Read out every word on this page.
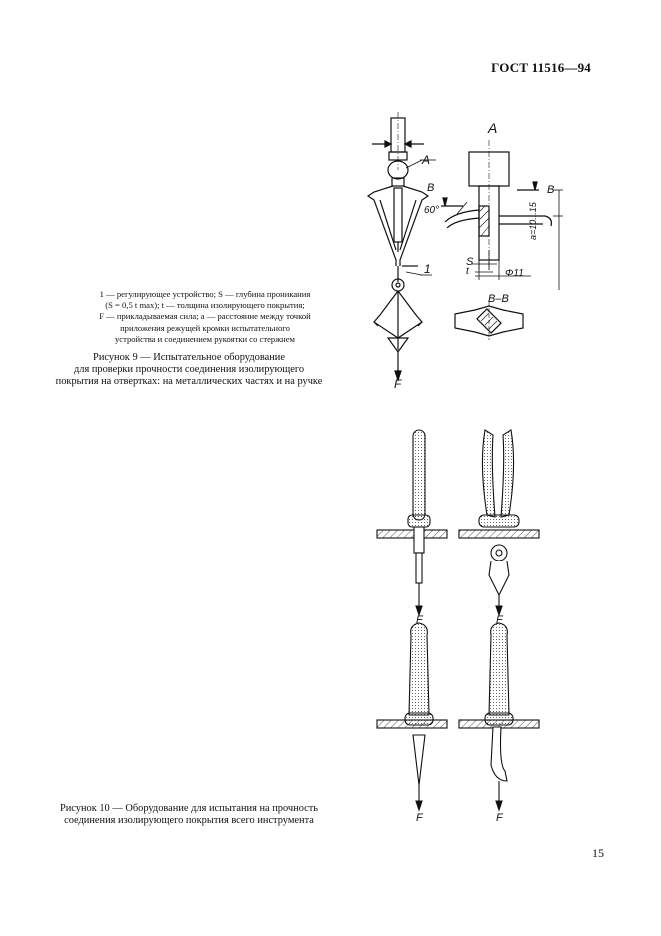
ГОСТ 11516—94
A
1
F
A
B	B
60°
S
t	Φ11
a=10...15
B–B
1 — регулирующее устройство; S — глубина проникания
(S = 0,5 t max); t — толщина изолирующего покрытия;
F — прикладываемая сила; a — расстояние между точкой
приложения режущей кромки испытательного
устройства и соединением рукоятки со стержнем
Рисунок 9 — Испытательное оборудование
для проверки прочности соединения изолирующего
покрытия на отвертках: на металлических частях и на ручке
F	F
F	F
Рисунок 10 — Оборудование для испытания на прочность
соединения изолирующего покрытия всего инструмента
15
